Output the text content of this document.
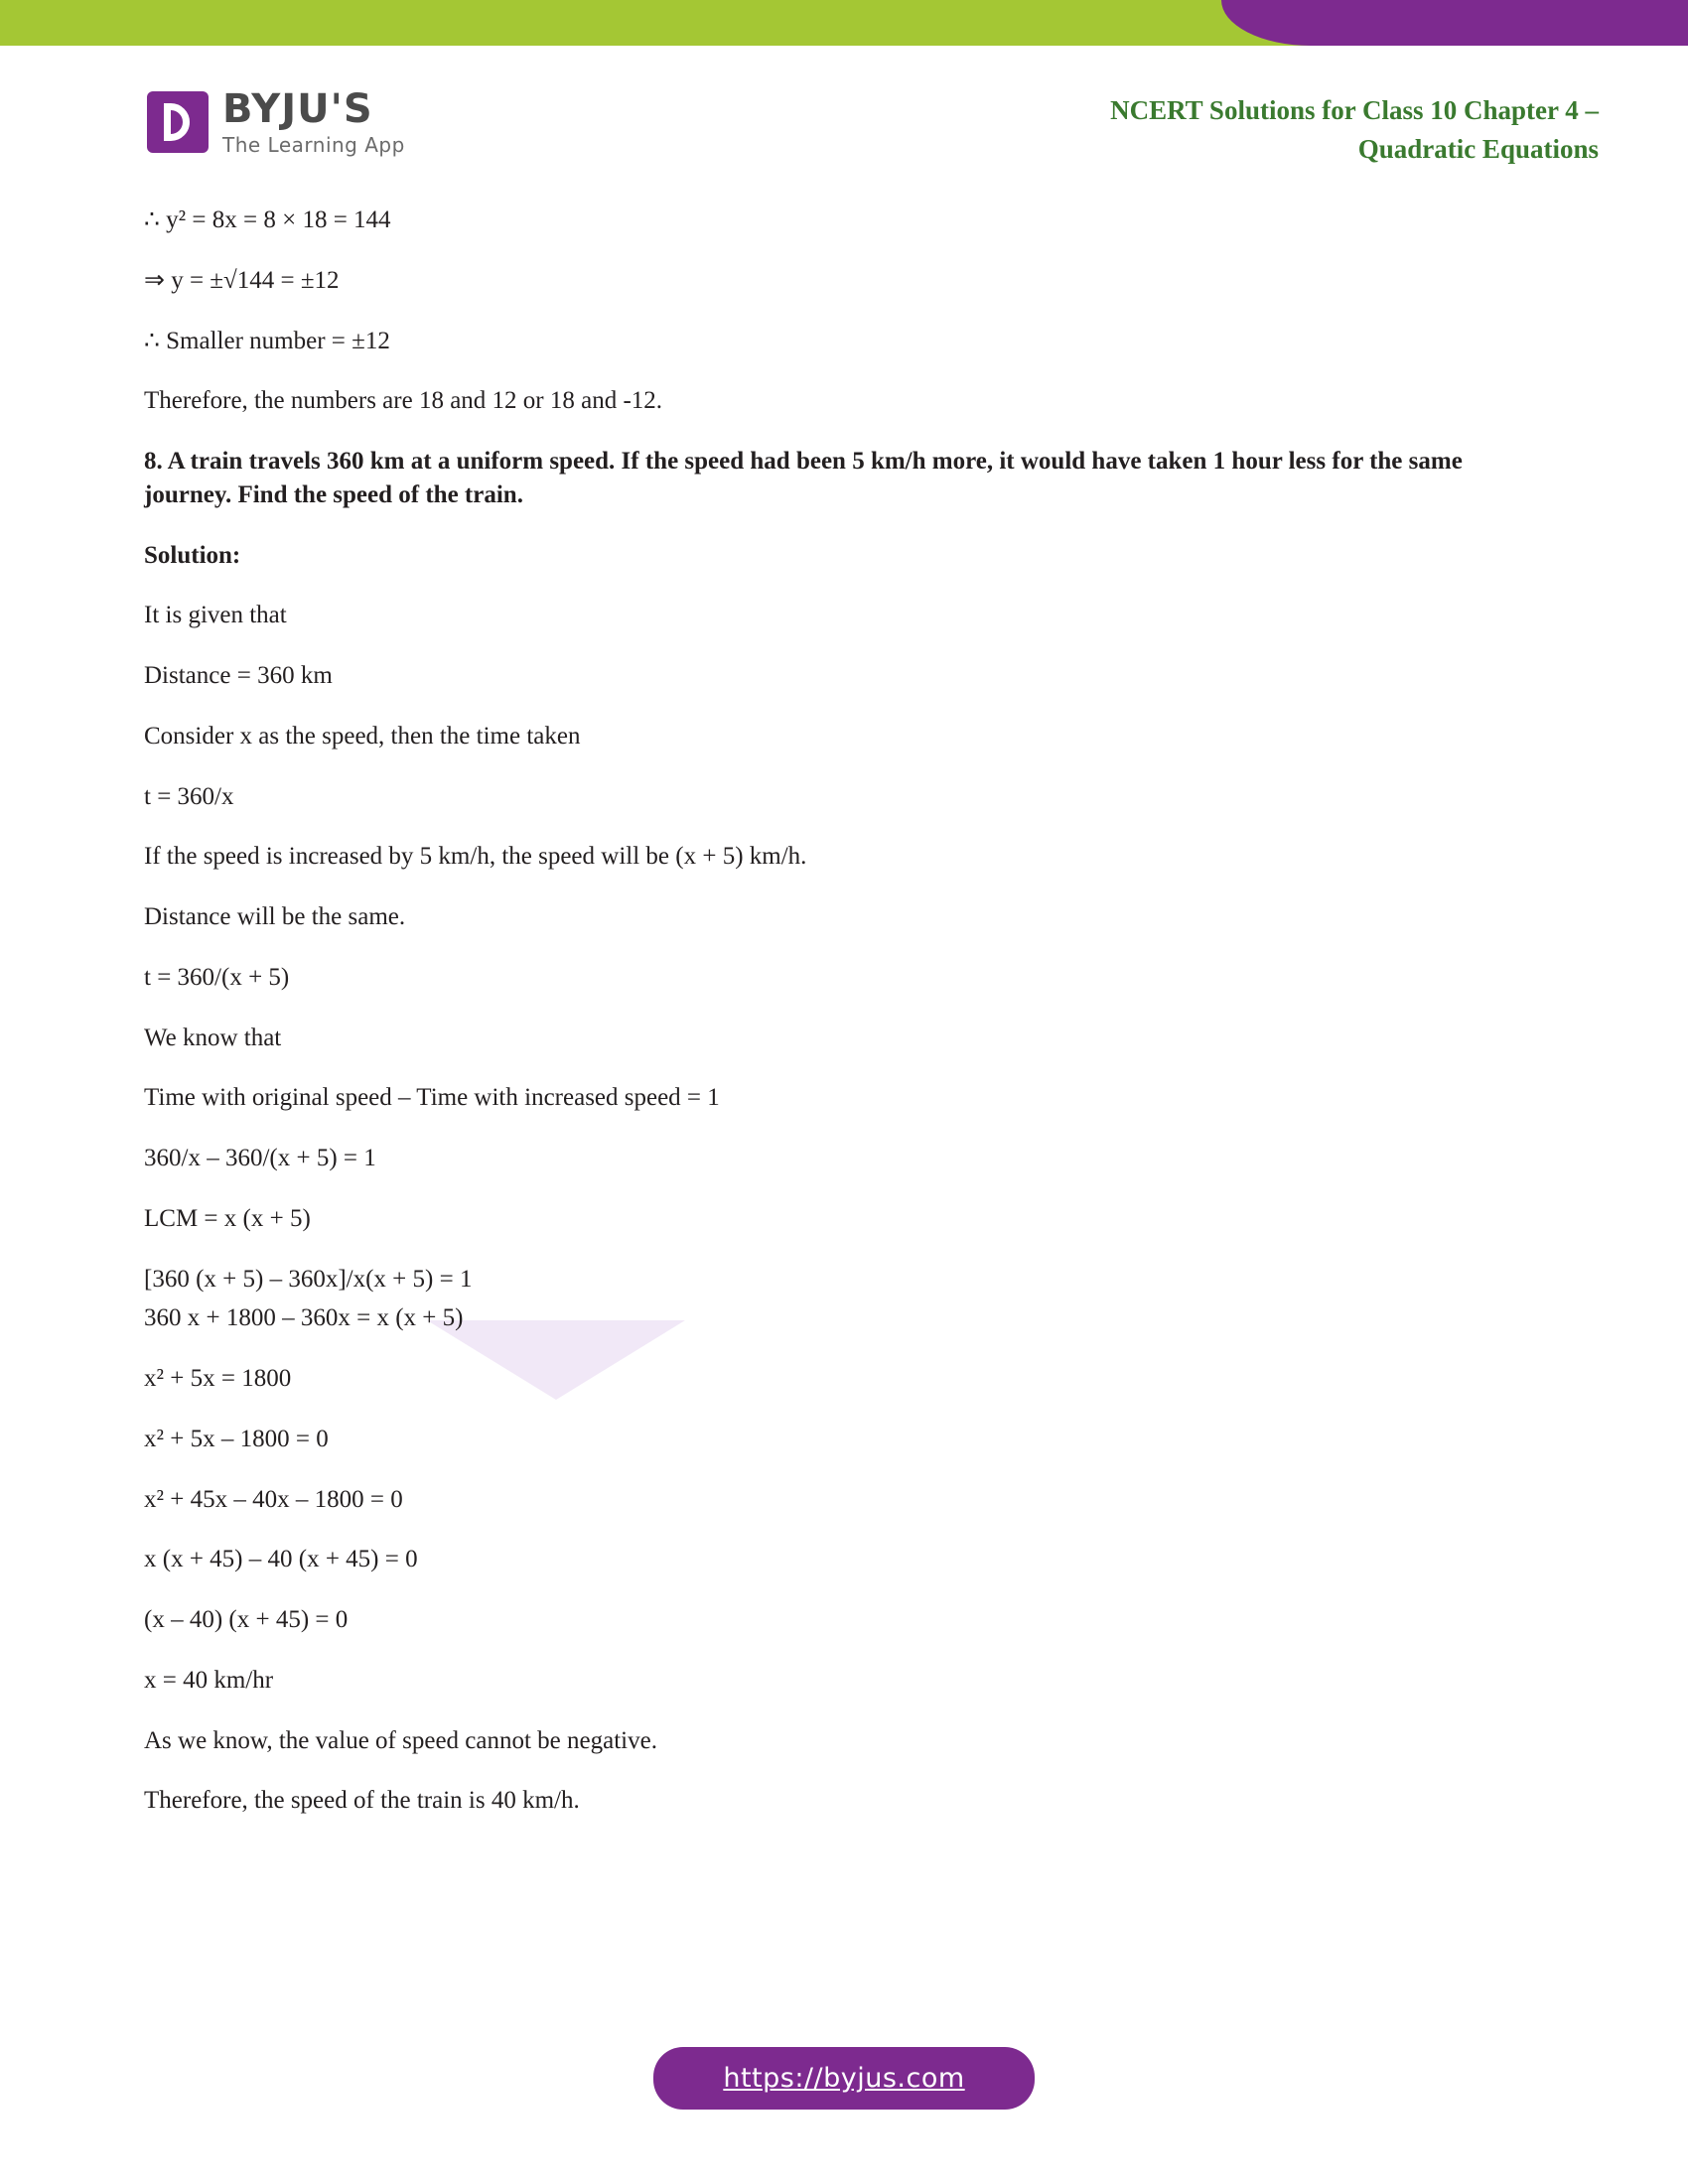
BYJU'S
The Learning App
NCERT Solutions for Class 10 Chapter 4 –
Quadratic Equations

∴ y² = 8x = 8 × 18 = 144

⇒ y = ±√144 = ±12

∴ Smaller number = ±12

Therefore, the numbers are 18 and 12 or 18 and -12.

8. A train travels 360 km at a uniform speed. If the speed had been 5 km/h more, it would have taken 1 hour less for the same journey. Find the speed of the train.

Solution:

It is given that

Distance = 360 km

Consider x as the speed, then the time taken

t = 360/x

If the speed is increased by 5 km/h, the speed will be (x + 5) km/h.

Distance will be the same.

t = 360/(x + 5)

We know that

Time with original speed – Time with increased speed = 1

360/x – 360/(x + 5) = 1

LCM = x (x + 5)

[360 (x + 5) – 360x]/x(x + 5) = 1

360 x + 1800 – 360x = x (x + 5)

x² + 5x = 1800

x² + 5x – 1800 = 0

x² + 45x – 40x – 1800 = 0

x (x + 45) – 40 (x + 45) = 0

(x – 40) (x + 45) = 0

x = 40 km/hr

As we know, the value of speed cannot be negative.

Therefore, the speed of the train is 40 km/h.

https://byjus.com
